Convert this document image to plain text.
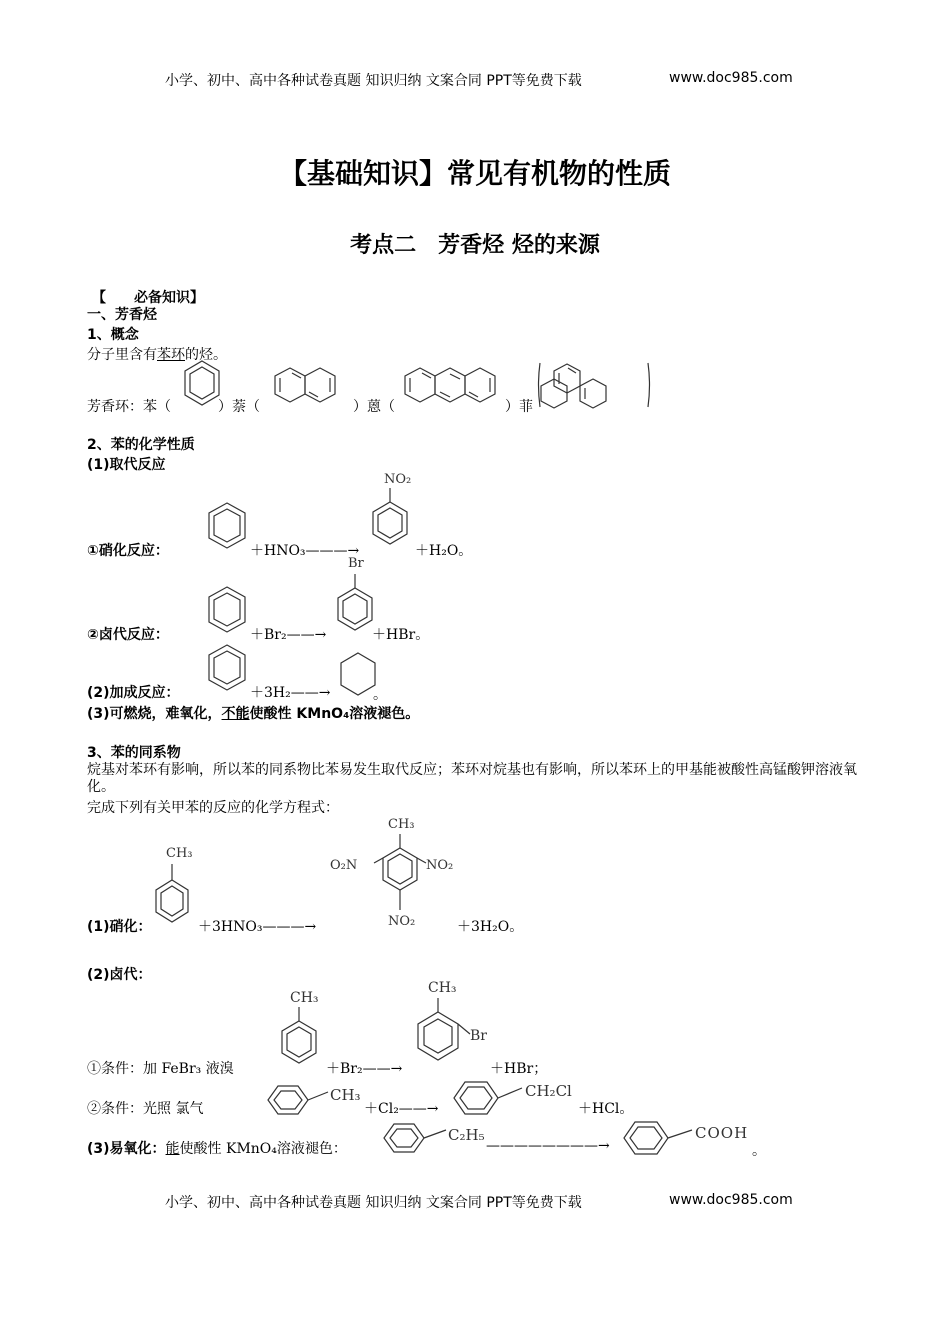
小学、初中、高中各种试卷真题 知识归纳 文案合同 PPT等免费下载	www.doc985.com
【基础知识】常见有机物的性质
考点二　芳香烃 烃的来源
【　　必备知识】
一、芳香烃
1、概念
分子里含有苯环的烃。
芳香环：苯（	）萘（	）蒽（	）菲
2、苯的化学性质
(1)取代反应
①硝化反应：	＋HNO₃———→
NO₂
＋H₂O。
Br
②卤代反应：	＋Br₂——→	＋HBr。
(2)加成反应：	＋3H₂——→	。
(3)可燃烧，难氧化，不能使酸性 KMnO₄溶液褪色。
3、苯的同系物
烷基对苯环有影响，所以苯的同系物比苯易发生取代反应；苯环对烷基也有影响，所以苯环上的甲基能被酸性高锰酸钾溶液氧化。
完成下列有关甲苯的反应的化学方程式：
CH₃
(1)硝化：	＋3HNO₃———→
CH₃
O₂N	NO₂
NO₂	＋3H₂O。
(2)卤代：
CH₃
①条件：加 FeBr₃ 液溴	＋Br₂——→
CH₃
Br
＋HBr；
②条件：光照 氯气
CH₃
＋Cl₂——→
CH₂Cl
＋HCl。
(3)易氧化：能使酸性 KMnO₄溶液褪色：
C₂H₅
————————→
COOH
。
小学、初中、高中各种试卷真题 知识归纳 文案合同 PPT等免费下载	www.doc985.com
